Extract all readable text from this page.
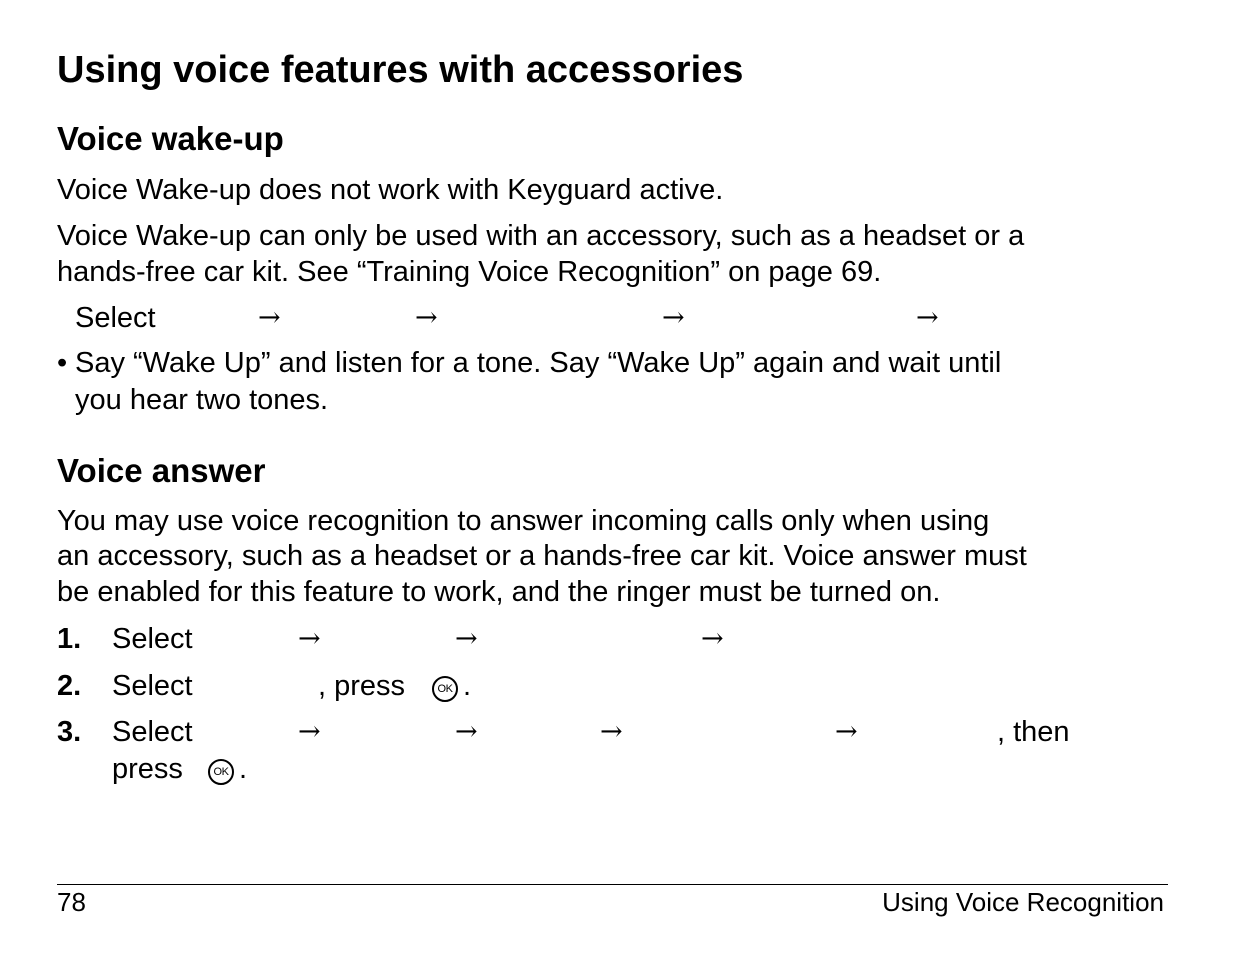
Using voice features with accessories
Voice wake-up
Voice Wake-up does not work with Keyguard active.
Voice Wake-up can only be used with an accessory, such as a headset or a
hands-free car kit. See “Training Voice Recognition” on page 69.
Select	→	→	→	→
• Say “Wake Up” and listen for a tone. Say “Wake Up” again and wait until
you hear two tones.
Voice answer
You may use voice recognition to answer incoming calls only when using
an accessory, such as a headset or a hands-free car kit. Voice answer must
be enabled for this feature to work, and the ringer must be turned on.
1. Select	→	→	→
2. Select	, press	OK .
3. Select	→	→	→	→	, then
press	OK .
78	Using Voice Recognition
